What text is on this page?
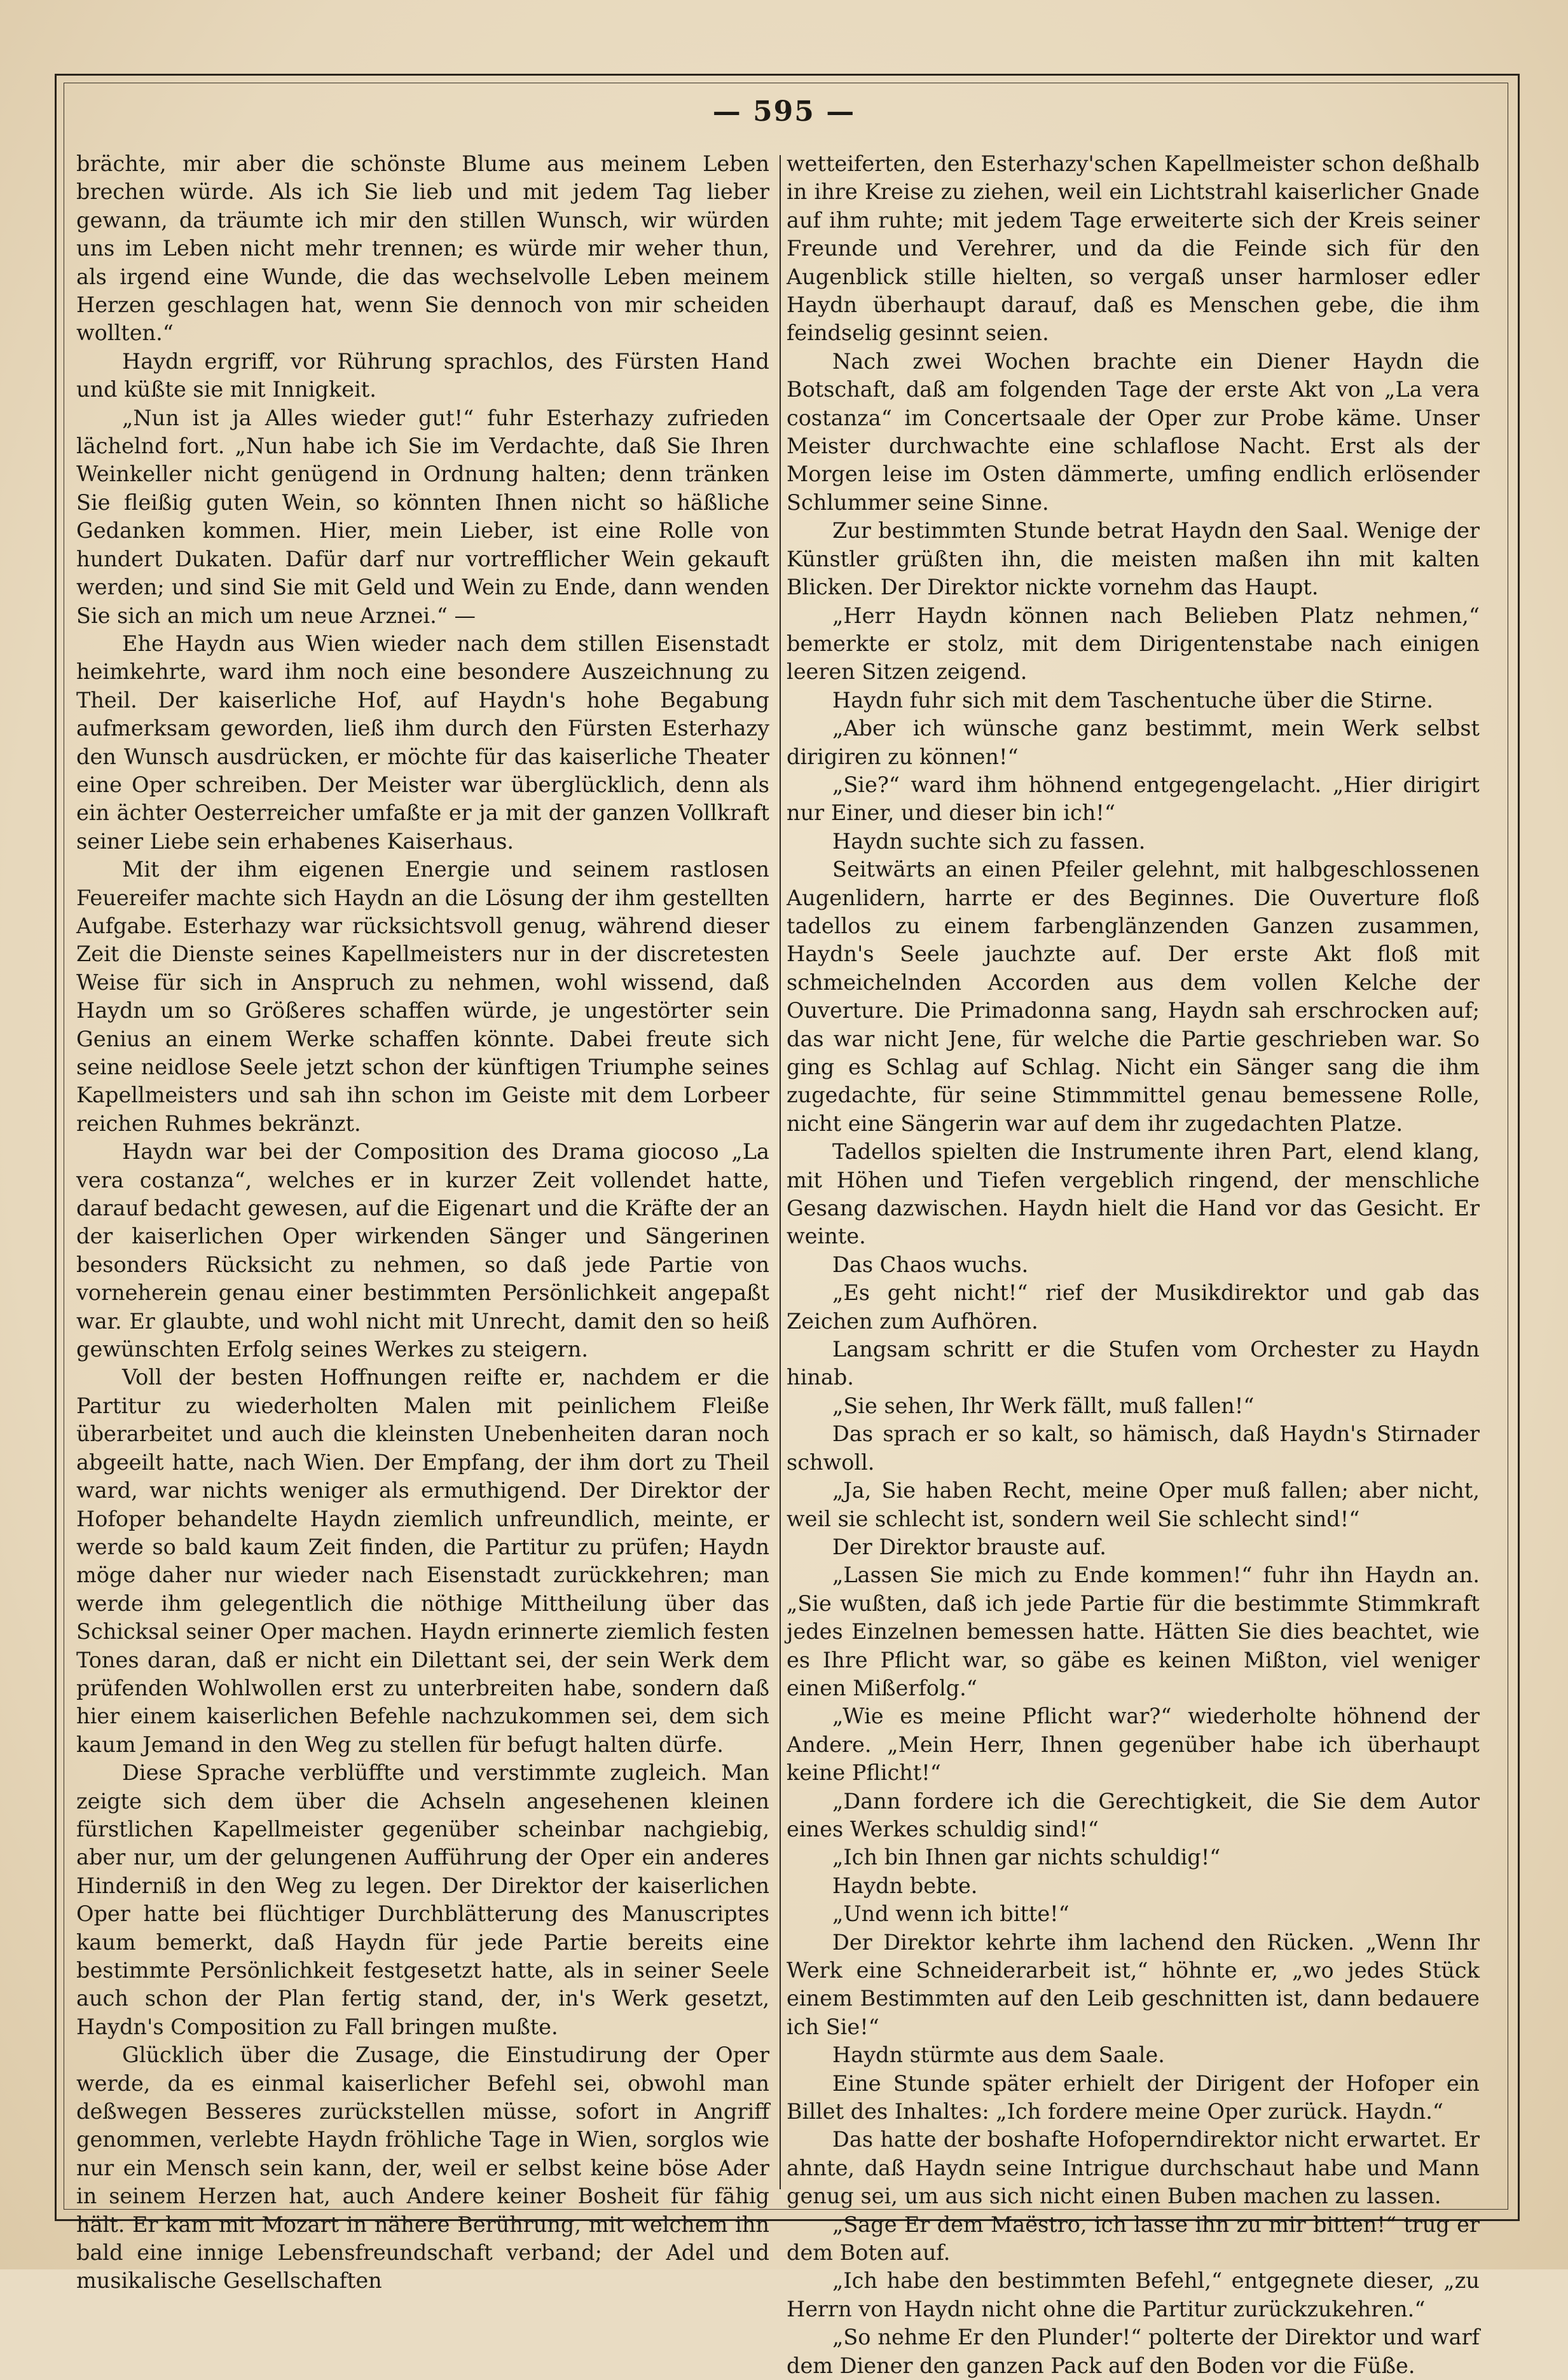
— 595 —

brächte, mir aber die schönste Blume aus meinem Leben brechen würde. Als ich Sie lieb und mit jedem Tag lieber gewann, da träumte ich mir den stillen Wunsch, wir würden uns im Leben nicht mehr trennen; es würde mir weher thun, als irgend eine Wunde, die das wechselvolle Leben meinem Herzen geschlagen hat, wenn Sie dennoch von mir scheiden wollten.“

Haydn ergriff, vor Rührung sprachlos, des Fürsten Hand und küßte sie mit Innigkeit.

„Nun ist ja Alles wieder gut!“ fuhr Esterhazy zufrieden lächelnd fort. „Nun habe ich Sie im Verdachte, daß Sie Ihren Weinkeller nicht genügend in Ordnung halten; denn tränken Sie fleißig guten Wein, so könnten Ihnen nicht so häßliche Gedanken kommen. Hier, mein Lieber, ist eine Rolle von hundert Dukaten. Dafür darf nur vortrefflicher Wein gekauft werden; und sind Sie mit Geld und Wein zu Ende, dann wenden Sie sich an mich um neue Arznei.“ —

Ehe Haydn aus Wien wieder nach dem stillen Eisenstadt heimkehrte, ward ihm noch eine besondere Auszeichnung zu Theil. Der kaiserliche Hof, auf Haydn's hohe Begabung aufmerksam geworden, ließ ihm durch den Fürsten Esterhazy den Wunsch ausdrücken, er möchte für das kaiserliche Theater eine Oper schreiben. Der Meister war überglücklich, denn als ein ächter Oesterreicher umfaßte er ja mit der ganzen Vollkraft seiner Liebe sein erhabenes Kaiserhaus.

Mit der ihm eigenen Energie und seinem rastlosen Feuereifer machte sich Haydn an die Lösung der ihm gestellten Aufgabe. Esterhazy war rücksichtsvoll genug, während dieser Zeit die Dienste seines Kapellmeisters nur in der discretesten Weise für sich in Anspruch zu nehmen, wohl wissend, daß Haydn um so Größeres schaffen würde, je ungestörter sein Genius an einem Werke schaffen könnte. Dabei freute sich seine neidlose Seele jetzt schon der künftigen Triumphe seines Kapellmeisters und sah ihn schon im Geiste mit dem Lorbeer reichen Ruhmes bekränzt.

Haydn war bei der Composition des Drama giocoso „La vera costanza“, welches er in kurzer Zeit vollendet hatte, darauf bedacht gewesen, auf die Eigenart und die Kräfte der an der kaiserlichen Oper wirkenden Sänger und Sängerinen besonders Rücksicht zu nehmen, so daß jede Partie von vorneherein genau einer bestimmten Persönlichkeit angepaßt war. Er glaubte, und wohl nicht mit Unrecht, damit den so heiß gewünschten Erfolg seines Werkes zu steigern.

Voll der besten Hoffnungen reifte er, nachdem er die Partitur zu wiederholten Malen mit peinlichem Fleiße überarbeitet und auch die kleinsten Unebenheiten daran noch abgeeilt hatte, nach Wien. Der Empfang, der ihm dort zu Theil ward, war nichts weniger als ermuthigend. Der Direktor der Hofoper behandelte Haydn ziemlich unfreundlich, meinte, er werde so bald kaum Zeit finden, die Partitur zu prüfen; Haydn möge daher nur wieder nach Eisenstadt zurückkehren; man werde ihm gelegentlich die nöthige Mittheilung über das Schicksal seiner Oper machen. Haydn erinnerte ziemlich festen Tones daran, daß er nicht ein Dilettant sei, der sein Werk dem prüfenden Wohlwollen erst zu unterbreiten habe, sondern daß hier einem kaiserlichen Befehle nachzukommen sei, dem sich kaum Jemand in den Weg zu stellen für befugt halten dürfe.

Diese Sprache verblüffte und verstimmte zugleich. Man zeigte sich dem über die Achseln angesehenen kleinen fürstlichen Kapellmeister gegenüber scheinbar nachgiebig, aber nur, um der gelungenen Aufführung der Oper ein anderes Hinderniß in den Weg zu legen. Der Direktor der kaiserlichen Oper hatte bei flüchtiger Durchblätterung des Manuscriptes kaum bemerkt, daß Haydn für jede Partie bereits eine bestimmte Persönlichkeit festgesetzt hatte, als in seiner Seele auch schon der Plan fertig stand, der, in's Werk gesetzt, Haydn's Composition zu Fall bringen mußte.

Glücklich über die Zusage, die Einstudirung der Oper werde, da es einmal kaiserlicher Befehl sei, obwohl man deßwegen Besseres zurückstellen müsse, sofort in Angriff genommen, verlebte Haydn fröhliche Tage in Wien, sorglos wie nur ein Mensch sein kann, der, weil er selbst keine böse Ader in seinem Herzen hat, auch Andere keiner Bosheit für fähig hält. Er kam mit Mozart in nähere Berührung, mit welchem ihn bald eine innige Lebensfreundschaft verband; der Adel und musikalische Gesellschaften

wetteiferten, den Esterhazy'schen Kapellmeister schon deßhalb in ihre Kreise zu ziehen, weil ein Lichtstrahl kaiserlicher Gnade auf ihm ruhte; mit jedem Tage erweiterte sich der Kreis seiner Freunde und Verehrer, und da die Feinde sich für den Augenblick stille hielten, so vergaß unser harmloser edler Haydn überhaupt darauf, daß es Menschen gebe, die ihm feindselig gesinnt seien.

Nach zwei Wochen brachte ein Diener Haydn die Botschaft, daß am folgenden Tage der erste Akt von „La vera costanza“ im Concertsaale der Oper zur Probe käme. Unser Meister durchwachte eine schlaflose Nacht. Erst als der Morgen leise im Osten dämmerte, umfing endlich erlösender Schlummer seine Sinne.

Zur bestimmten Stunde betrat Haydn den Saal. Wenige der Künstler grüßten ihn, die meisten maßen ihn mit kalten Blicken. Der Direktor nickte vornehm das Haupt.

„Herr Haydn können nach Belieben Platz nehmen,“ bemerkte er stolz, mit dem Dirigentenstabe nach einigen leeren Sitzen zeigend.

Haydn fuhr sich mit dem Taschentuche über die Stirne.

„Aber ich wünsche ganz bestimmt, mein Werk selbst dirigiren zu können!“

„Sie?“ ward ihm höhnend entgegengelacht. „Hier dirigirt nur Einer, und dieser bin ich!“

Haydn suchte sich zu fassen.

Seitwärts an einen Pfeiler gelehnt, mit halbgeschlossenen Augenlidern, harrte er des Beginnes. Die Ouverture floß tadellos zu einem farbenglänzenden Ganzen zusammen, Haydn's Seele jauchzte auf. Der erste Akt floß mit schmeichelnden Accorden aus dem vollen Kelche der Ouverture. Die Primadonna sang, Haydn sah erschrocken auf; das war nicht Jene, für welche die Partie geschrieben war. So ging es Schlag auf Schlag. Nicht ein Sänger sang die ihm zugedachte, für seine Stimmmittel genau bemessene Rolle, nicht eine Sängerin war auf dem ihr zugedachten Platze.

Tadellos spielten die Instrumente ihren Part, elend klang, mit Höhen und Tiefen vergeblich ringend, der menschliche Gesang dazwischen. Haydn hielt die Hand vor das Gesicht. Er weinte.

Das Chaos wuchs.

„Es geht nicht!“ rief der Musikdirektor und gab das Zeichen zum Aufhören.

Langsam schritt er die Stufen vom Orchester zu Haydn hinab.

„Sie sehen, Ihr Werk fällt, muß fallen!“

Das sprach er so kalt, so hämisch, daß Haydn's Stirnader schwoll.

„Ja, Sie haben Recht, meine Oper muß fallen; aber nicht, weil sie schlecht ist, sondern weil Sie schlecht sind!“

Der Direktor brauste auf.

„Lassen Sie mich zu Ende kommen!“ fuhr ihn Haydn an. „Sie wußten, daß ich jede Partie für die bestimmte Stimmkraft jedes Einzelnen bemessen hatte. Hätten Sie dies beachtet, wie es Ihre Pflicht war, so gäbe es keinen Mißton, viel weniger einen Mißerfolg.“

„Wie es meine Pflicht war?“ wiederholte höhnend der Andere. „Mein Herr, Ihnen gegenüber habe ich überhaupt keine Pflicht!“

„Dann fordere ich die Gerechtigkeit, die Sie dem Autor eines Werkes schuldig sind!“

„Ich bin Ihnen gar nichts schuldig!“

Haydn bebte.

„Und wenn ich bitte!“

Der Direktor kehrte ihm lachend den Rücken. „Wenn Ihr Werk eine Schneiderarbeit ist,“ höhnte er, „wo jedes Stück einem Bestimmten auf den Leib geschnitten ist, dann bedauere ich Sie!“

Haydn stürmte aus dem Saale.

Eine Stunde später erhielt der Dirigent der Hofoper ein Billet des Inhaltes: „Ich fordere meine Oper zurück. Haydn.“

Das hatte der boshafte Hofoperndirektor nicht erwartet. Er ahnte, daß Haydn seine Intrigue durchschaut habe und Mann genug sei, um aus sich nicht einen Buben machen zu lassen.

„Sage Er dem Maëstro, ich lasse ihn zu mir bitten!“ trug er dem Boten auf.

„Ich habe den bestimmten Befehl,“ entgegnete dieser, „zu Herrn von Haydn nicht ohne die Partitur zurückzukehren.“

„So nehme Er den Plunder!“ polterte der Direktor und warf dem Diener den ganzen Pack auf den Boden vor die Füße.
